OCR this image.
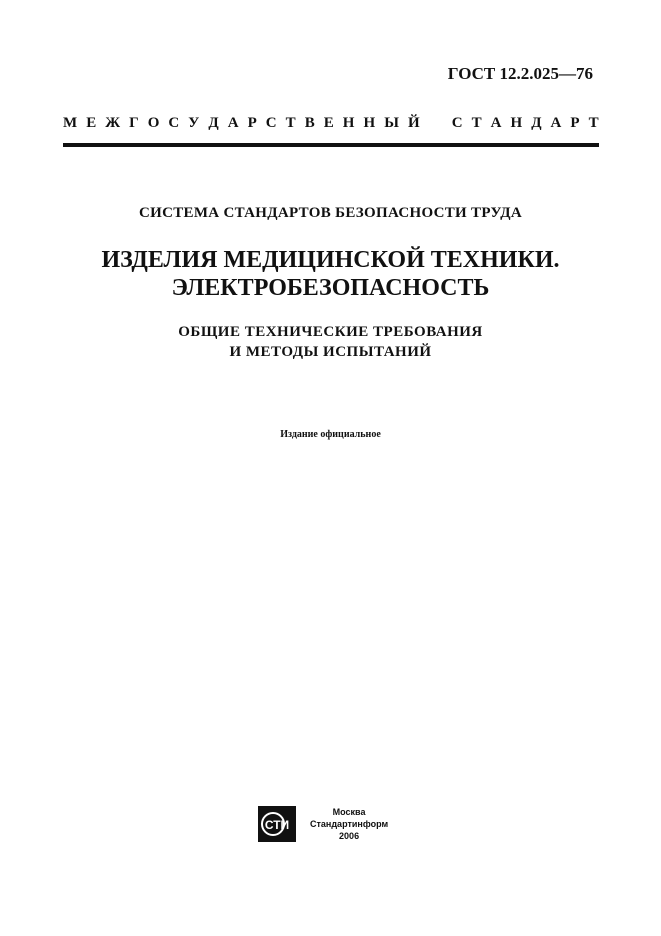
ГОСТ 12.2.025—76
М Е Ж Г О С У Д А Р С Т В Е Н Н Ы Й С Т А Н Д А Р Т
СИСТЕМА СТАНДАРТОВ БЕЗОПАСНОСТИ ТРУДА
ИЗДЕЛИЯ МЕДИЦИНСКОЙ ТЕХНИКИ.
ЭЛЕКТРОБЕЗОПАСНОСТЬ
ОБЩИЕ ТЕХНИЧЕСКИЕ ТРЕБОВАНИЯ
И МЕТОДЫ ИСПЫТАНИЙ
Издание официальное
СТИ
Москва
Стандартинформ
2006
